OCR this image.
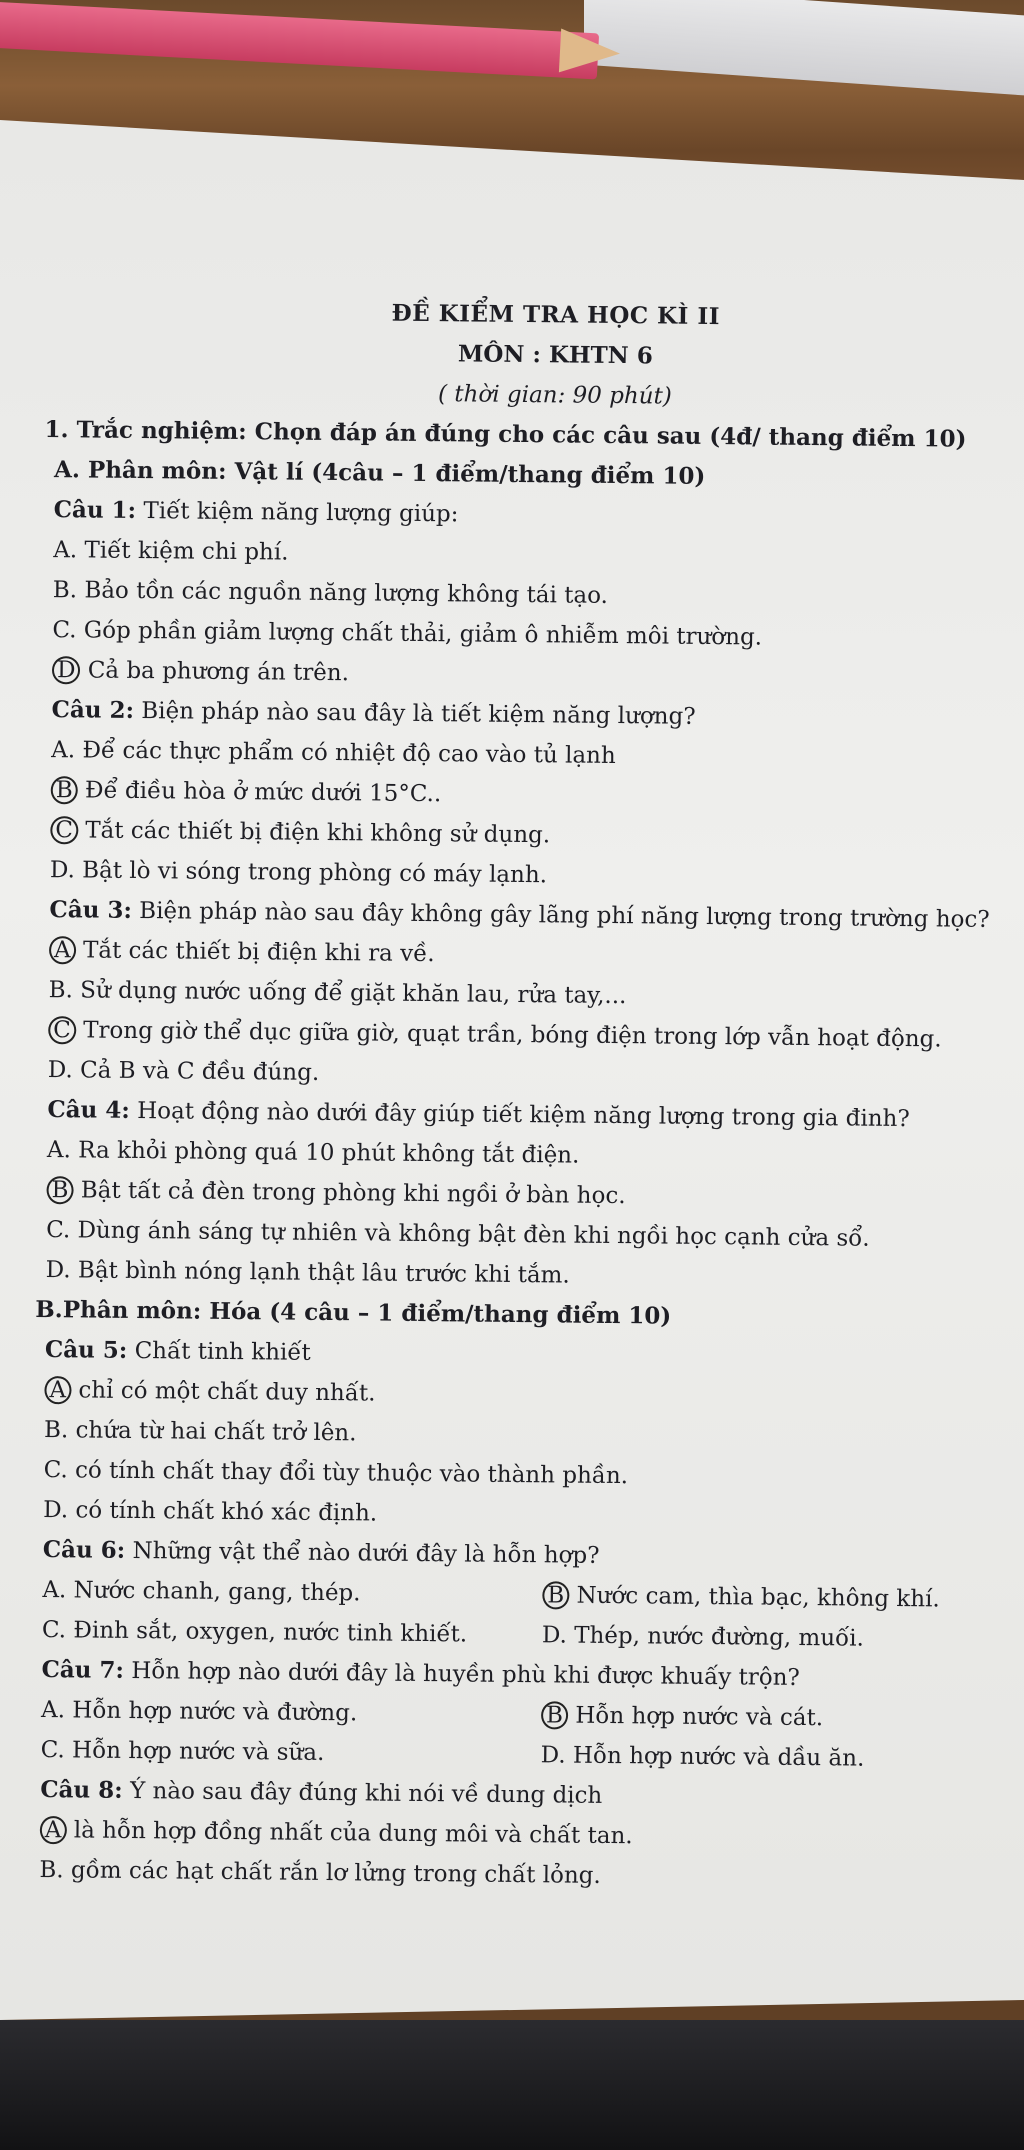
ĐỀ KIỂM TRA HỌC KÌ II
MÔN : KHTN 6
( thời gian: 90 phút)
1. Trắc nghiệm: Chọn đáp án đúng cho các câu sau (4đ/ thang điểm 10)
A. Phân môn: Vật lí (4câu – 1 điểm/thang điểm 10)
Câu 1: Tiết kiệm năng lượng giúp:
A. Tiết kiệm chi phí.
B. Bảo tồn các nguồn năng lượng không tái tạo.
C. Góp phần giảm lượng chất thải, giảm ô nhiễm môi trường.
D Cả ba phương án trên.
Câu 2: Biện pháp nào sau đây là tiết kiệm năng lượng?
A. Để các thực phẩm có nhiệt độ cao vào tủ lạnh
B Để điều hòa ở mức dưới 15°C..
C Tắt các thiết bị điện khi không sử dụng.
D. Bật lò vi sóng trong phòng có máy lạnh.
Câu 3: Biện pháp nào sau đây không gây lãng phí năng lượng trong trường học?
A Tắt các thiết bị điện khi ra về.
B. Sử dụng nước uống để giặt khăn lau, rửa tay,...
C Trong giờ thể dục giữa giờ, quạt trần, bóng điện trong lớp vẫn hoạt động.
D. Cả B và C đều đúng.
Câu 4: Hoạt động nào dưới đây giúp tiết kiệm năng lượng trong gia đinh?
A. Ra khỏi phòng quá 10 phút không tắt điện.
B Bật tất cả đèn trong phòng khi ngồi ở bàn học.
C. Dùng ánh sáng tự nhiên và không bật đèn khi ngồi học cạnh cửa sổ.
D. Bật bình nóng lạnh thật lâu trước khi tắm.
B.Phân môn: Hóa (4 câu – 1 điểm/thang điểm 10)
Câu 5: Chất tinh khiết
A chỉ có một chất duy nhất.
B. chứa từ hai chất trở lên.
C. có tính chất thay đổi tùy thuộc vào thành phần.
D. có tính chất khó xác định.
Câu 6: Những vật thể nào dưới đây là hỗn hợp?
A. Nước chanh, gang, thép.	B Nước cam, thìa bạc, không khí.
C. Đinh sắt, oxygen, nước tinh khiết.	D. Thép, nước đường, muối.
Câu 7: Hỗn hợp nào dưới đây là huyền phù khi được khuấy trộn?
A. Hỗn hợp nước và đường.	B Hỗn hợp nước và cát.
C. Hỗn hợp nước và sữa.	D. Hỗn hợp nước và dầu ăn.
Câu 8: Ý nào sau đây đúng khi nói về dung dịch
A là hỗn hợp đồng nhất của dung môi và chất tan.
B. gồm các hạt chất rắn lơ lửng trong chất lỏng.
